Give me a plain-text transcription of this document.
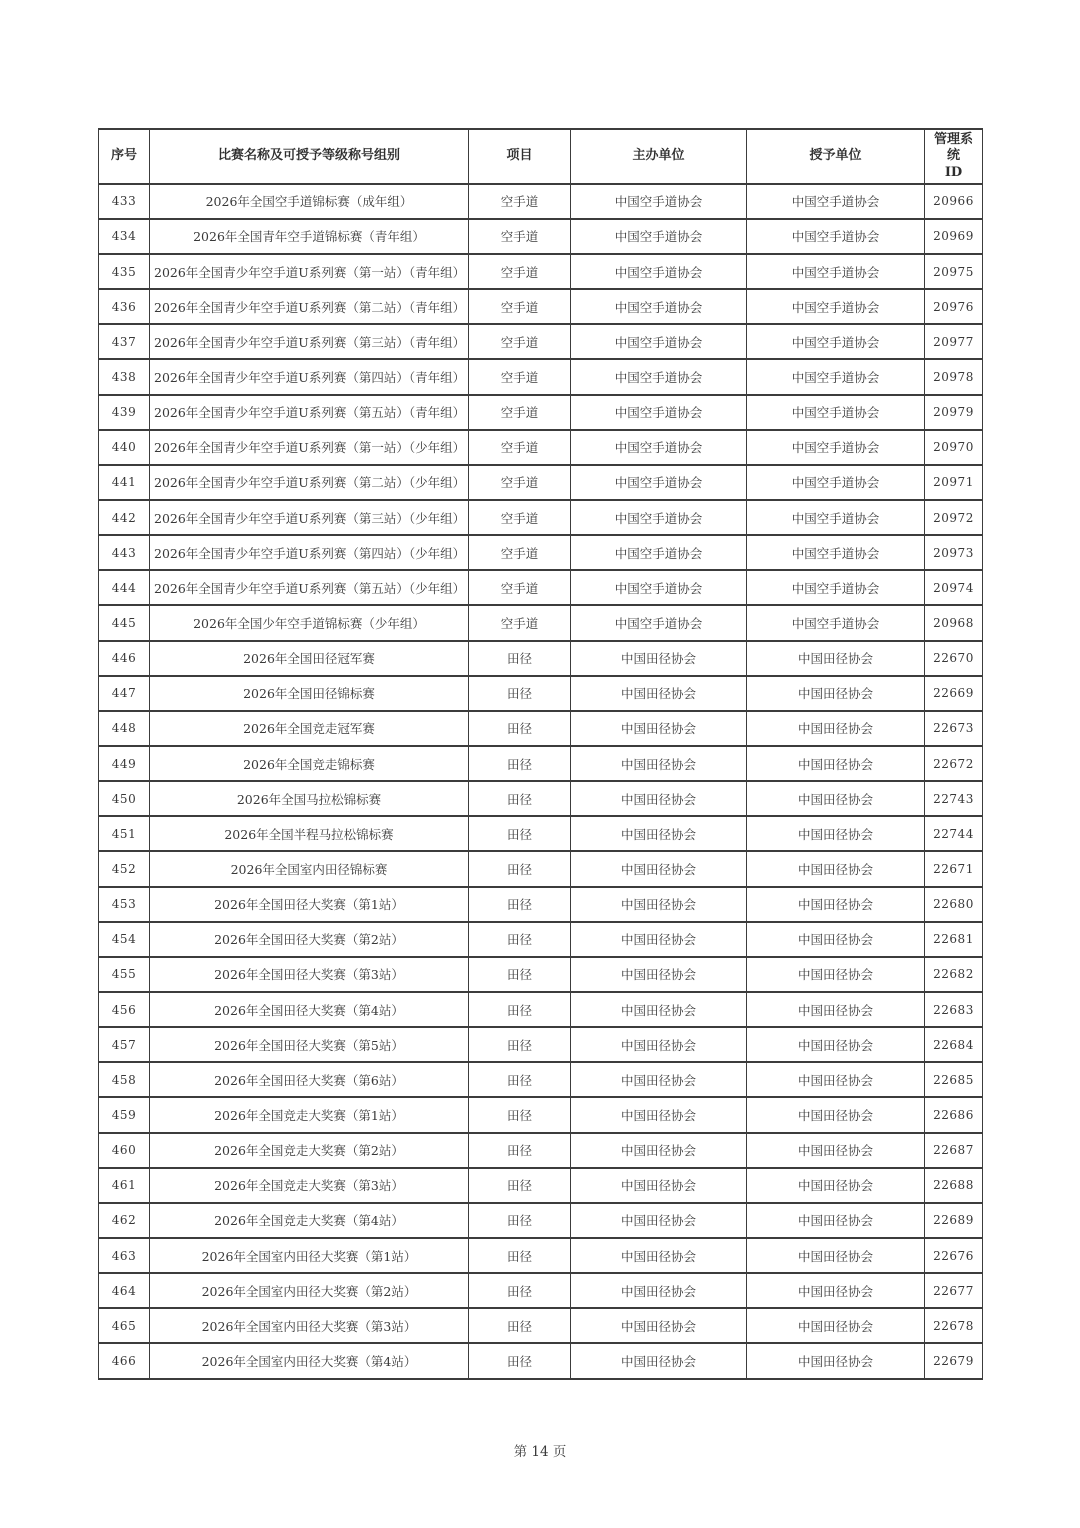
序号	比赛名称及可授予等级称号组别	项目	主办单位	授予单位	管理系统
ID
433	2026年全国空手道锦标赛（成年组）	空手道	中国空手道协会	中国空手道协会	20966
434	2026年全国青年空手道锦标赛（青年组）	空手道	中国空手道协会	中国空手道协会	20969
435	2026年全国青少年空手道U系列赛（第一站）（青年组）	空手道	中国空手道协会	中国空手道协会	20975
436	2026年全国青少年空手道U系列赛（第二站）（青年组）	空手道	中国空手道协会	中国空手道协会	20976
437	2026年全国青少年空手道U系列赛（第三站）（青年组）	空手道	中国空手道协会	中国空手道协会	20977
438	2026年全国青少年空手道U系列赛（第四站）（青年组）	空手道	中国空手道协会	中国空手道协会	20978
439	2026年全国青少年空手道U系列赛（第五站）（青年组）	空手道	中国空手道协会	中国空手道协会	20979
440	2026年全国青少年空手道U系列赛（第一站）（少年组）	空手道	中国空手道协会	中国空手道协会	20970
441	2026年全国青少年空手道U系列赛（第二站）（少年组）	空手道	中国空手道协会	中国空手道协会	20971
442	2026年全国青少年空手道U系列赛（第三站）（少年组）	空手道	中国空手道协会	中国空手道协会	20972
443	2026年全国青少年空手道U系列赛（第四站）（少年组）	空手道	中国空手道协会	中国空手道协会	20973
444	2026年全国青少年空手道U系列赛（第五站）（少年组）	空手道	中国空手道协会	中国空手道协会	20974
445	2026年全国少年空手道锦标赛（少年组）	空手道	中国空手道协会	中国空手道协会	20968
446	2026年全国田径冠军赛	田径	中国田径协会	中国田径协会	22670
447	2026年全国田径锦标赛	田径	中国田径协会	中国田径协会	22669
448	2026年全国竞走冠军赛	田径	中国田径协会	中国田径协会	22673
449	2026年全国竞走锦标赛	田径	中国田径协会	中国田径协会	22672
450	2026年全国马拉松锦标赛	田径	中国田径协会	中国田径协会	22743
451	2026年全国半程马拉松锦标赛	田径	中国田径协会	中国田径协会	22744
452	2026年全国室内田径锦标赛	田径	中国田径协会	中国田径协会	22671
453	2026年全国田径大奖赛（第1站）	田径	中国田径协会	中国田径协会	22680
454	2026年全国田径大奖赛（第2站）	田径	中国田径协会	中国田径协会	22681
455	2026年全国田径大奖赛（第3站）	田径	中国田径协会	中国田径协会	22682
456	2026年全国田径大奖赛（第4站）	田径	中国田径协会	中国田径协会	22683
457	2026年全国田径大奖赛（第5站）	田径	中国田径协会	中国田径协会	22684
458	2026年全国田径大奖赛（第6站）	田径	中国田径协会	中国田径协会	22685
459	2026年全国竞走大奖赛（第1站）	田径	中国田径协会	中国田径协会	22686
460	2026年全国竞走大奖赛（第2站）	田径	中国田径协会	中国田径协会	22687
461	2026年全国竞走大奖赛（第3站）	田径	中国田径协会	中国田径协会	22688
462	2026年全国竞走大奖赛（第4站）	田径	中国田径协会	中国田径协会	22689
463	2026年全国室内田径大奖赛（第1站）	田径	中国田径协会	中国田径协会	22676
464	2026年全国室内田径大奖赛（第2站）	田径	中国田径协会	中国田径协会	22677
465	2026年全国室内田径大奖赛（第3站）	田径	中国田径协会	中国田径协会	22678
466	2026年全国室内田径大奖赛（第4站）	田径	中国田径协会	中国田径协会	22679
第 14 页
